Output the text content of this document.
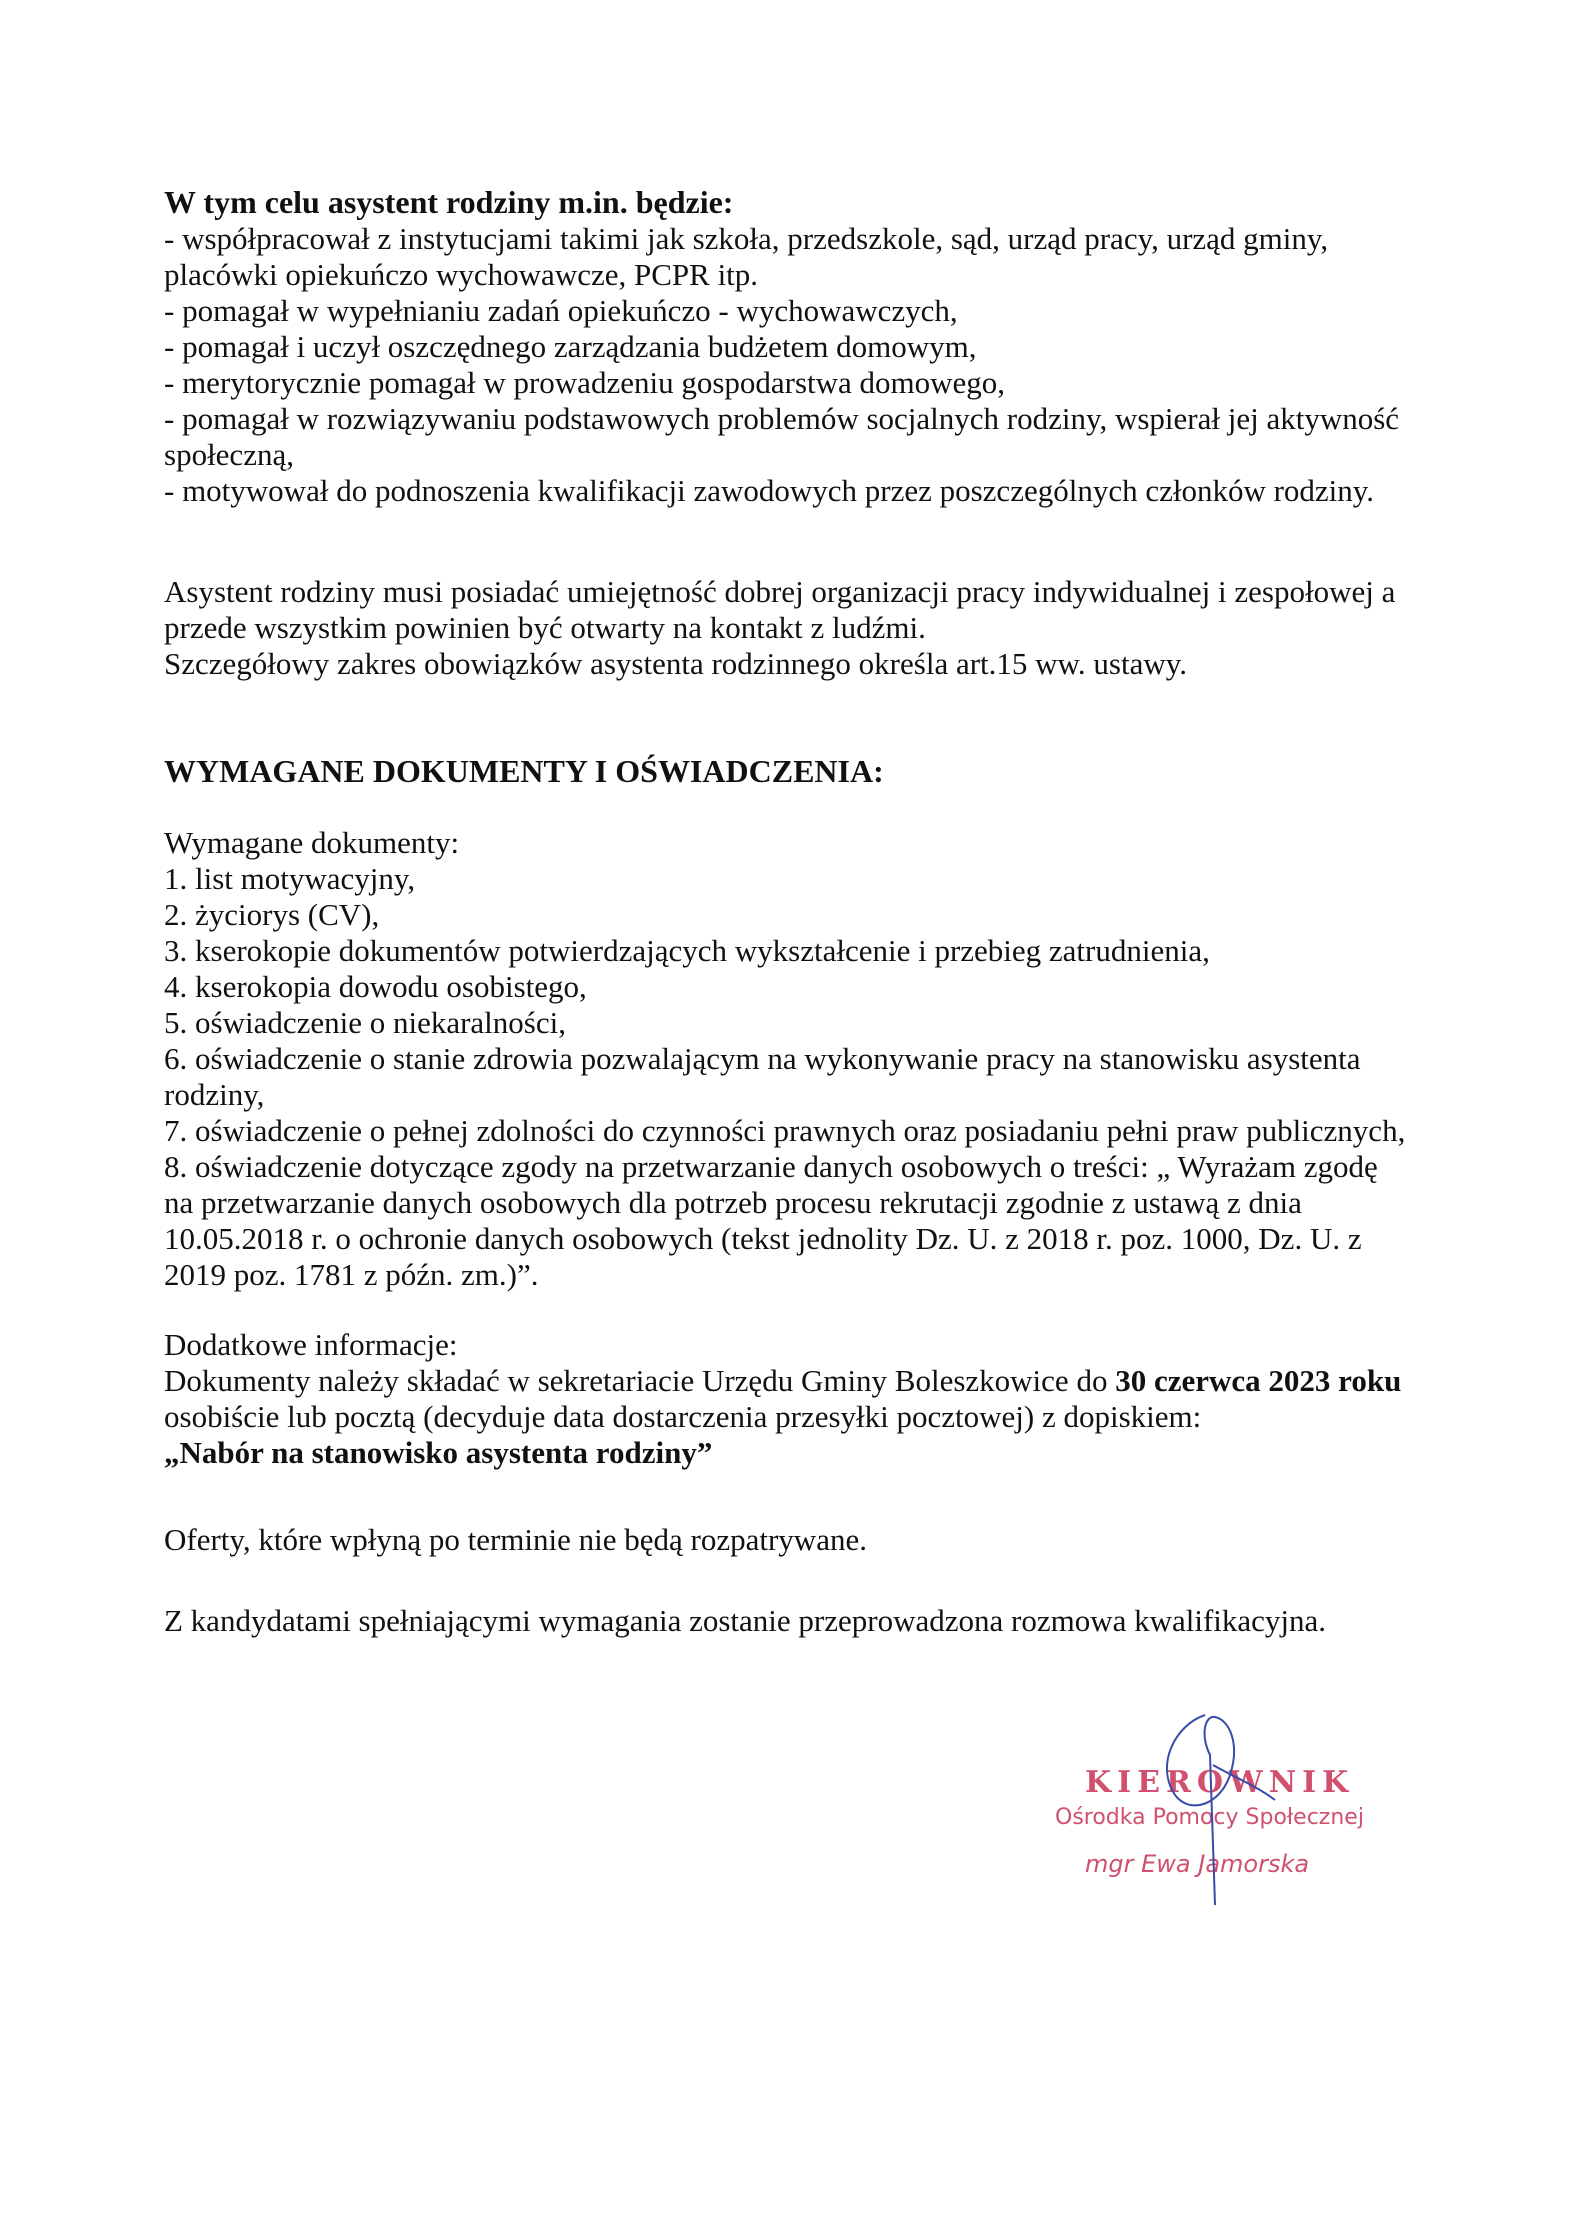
W tym celu asystent rodziny m.in. będzie:
- współpracował z instytucjami takimi jak szkoła, przedszkole, sąd, urząd pracy, urząd gminy,
placówki opiekuńczo wychowawcze, PCPR itp.
- pomagał w wypełnianiu zadań opiekuńczo - wychowawczych,
- pomagał i uczył oszczędnego zarządzania budżetem domowym,
- merytorycznie pomagał w prowadzeniu gospodarstwa domowego,
- pomagał w rozwiązywaniu podstawowych problemów socjalnych rodziny, wspierał jej aktywność
społeczną,
- motywował do podnoszenia kwalifikacji zawodowych przez poszczególnych członków rodziny.
Asystent rodziny musi posiadać umiejętność dobrej organizacji pracy indywidualnej i zespołowej a
przede wszystkim powinien być otwarty na kontakt z ludźmi.
Szczegółowy zakres obowiązków asystenta rodzinnego określa art.15 ww. ustawy.
WYMAGANE DOKUMENTY I OŚWIADCZENIA:
Wymagane dokumenty:
1. list motywacyjny,
2. życiorys (CV),
3. kserokopie dokumentów potwierdzających wykształcenie i przebieg zatrudnienia,
4. kserokopia dowodu osobistego,
5. oświadczenie o niekaralności,
6. oświadczenie o stanie zdrowia pozwalającym na wykonywanie pracy na stanowisku asystenta
rodziny,
7. oświadczenie o pełnej zdolności do czynności prawnych oraz posiadaniu pełni praw publicznych,
8. oświadczenie dotyczące zgody na przetwarzanie danych osobowych o treści: „ Wyrażam zgodę
na przetwarzanie danych osobowych dla potrzeb procesu rekrutacji zgodnie z ustawą z dnia
10.05.2018 r. o ochronie danych osobowych (tekst jednolity Dz. U. z 2018 r. poz. 1000, Dz. U. z
2019 poz. 1781 z późn. zm.)”.
Dodatkowe informacje:
Dokumenty należy składać w sekretariacie Urzędu Gminy Boleszkowice do 30 czerwca 2023 roku
osobiście lub pocztą (decyduje data dostarczenia przesyłki pocztowej) z dopiskiem:
„Nabór na stanowisko asystenta rodziny”
Oferty, które wpłyną po terminie nie będą rozpatrywane.
Z kandydatami spełniającymi wymagania zostanie przeprowadzona rozmowa kwalifikacyjna.
KIEROWNIK
Ośrodka Pomocy Społecznej
mgr Ewa Jamorska
